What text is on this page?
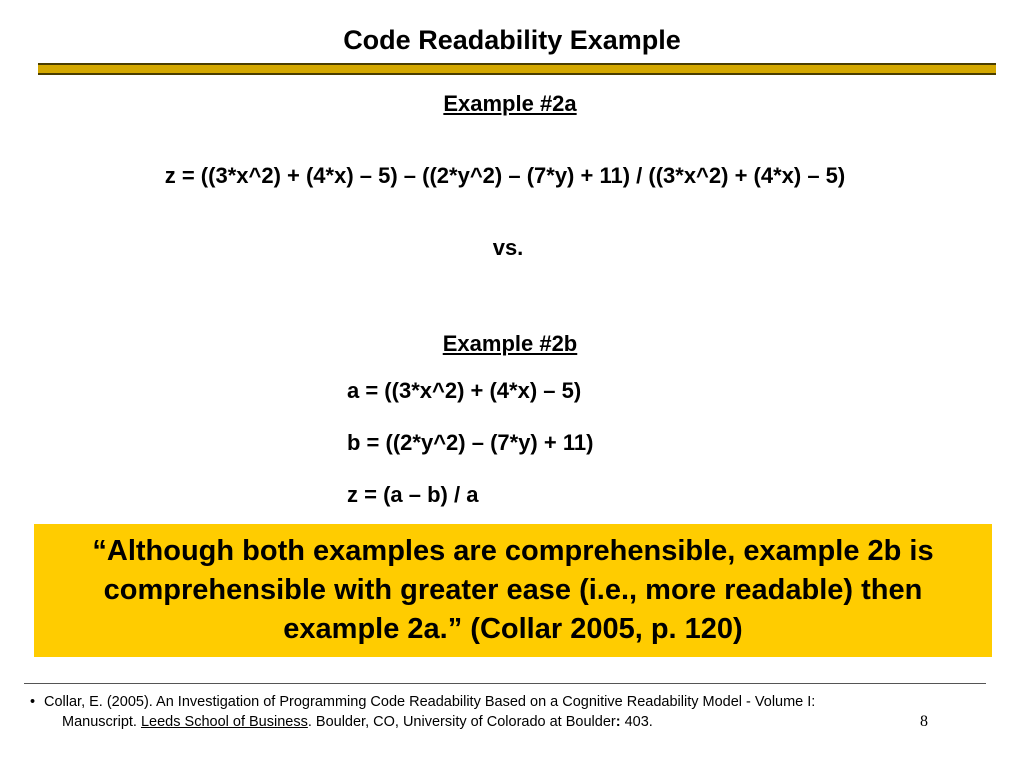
Code Readability Example
Example #2a
z = ((3*x^2) + (4*x) – 5) – ((2*y^2) – (7*y) + 11) / ((3*x^2) + (4*x) – 5)
vs.
Example #2b
a = ((3*x^2) + (4*x) – 5)
b = ((2*y^2) – (7*y) + 11)
z = (a – b) / a
“Although both examples are comprehensible, example 2b is comprehensible with greater ease (i.e., more readable) then example 2a.” (Collar 2005, p. 120)
• Collar, E. (2005). An Investigation of Programming Code Readability Based on a Cognitive Readability Model - Volume I:
Manuscript. Leeds School of Business. Boulder, CO, University of Colorado at Boulder: 403.	8
